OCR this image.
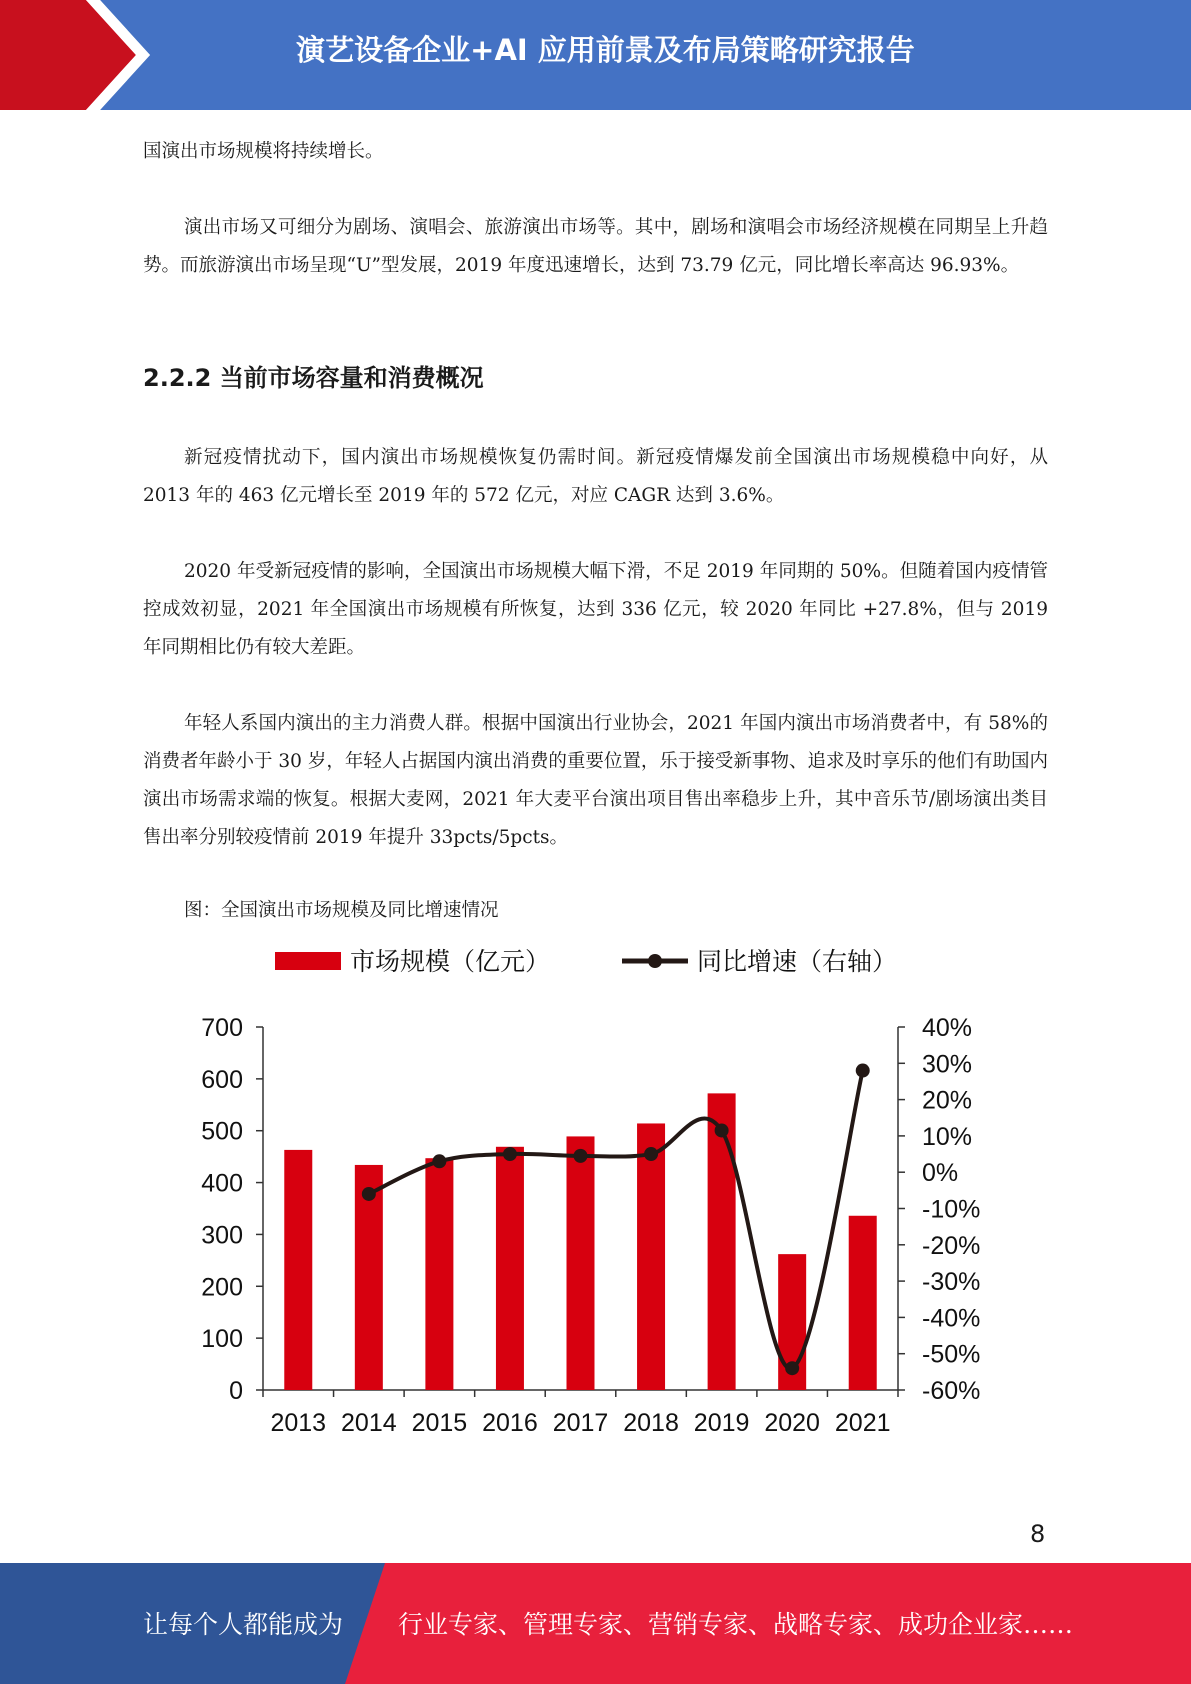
演艺设备企业+AI 应用前景及布局策略研究报告

国演出市场规模将持续增长。

演出市场又可细分为剧场、演唱会、旅游演出市场等。其中，剧场和演唱会市场经济规模在同期呈上升趋势。而旅游演出市场呈现“U”型发展，2019 年度迅速增长，达到 73.79 亿元，同比增长率高达 96.93%。

2.2.2 当前市场容量和消费概况

新冠疫情扰动下，国内演出市场规模恢复仍需时间。新冠疫情爆发前全国演出市场规模稳中向好，从 2013 年的 463 亿元增长至 2019 年的 572 亿元，对应 CAGR 达到 3.6%。

2020 年受新冠疫情的影响，全国演出市场规模大幅下滑，不足 2019 年同期的 50%。但随着国内疫情管控成效初显，2021 年全国演出市场规模有所恢复，达到 336 亿元，较 2020 年同比 +27.8%，但与 2019 年同期相比仍有较大差距。

年轻人系国内演出的主力消费人群。根据中国演出行业协会，2021 年国内演出市场消费者中，有 58%的消费者年龄小于 30 岁，年轻人占据国内演出消费的重要位置，乐于接受新事物、追求及时享乐的他们有助国内演出市场需求端的恢复。根据大麦网，2021 年大麦平台演出项目售出率稳步上升，其中音乐节/剧场演出类目售出率分别较疫情前 2019 年提升 33pcts/5pcts。

图：全国演出市场规模及同比增速情况
市场规模（亿元）	同比增速（右轴）
0
100
200
300
400
500
600
700
-60%
-50%
-40%
-30%
-20%
-10%
0%
10%
20%
30%
40%
2013 2014 2015 2016 2017 2018 2019 2020 2021
8
让每个人都能成为 行业专家、管理专家、营销专家、战略专家、成功企业家……
